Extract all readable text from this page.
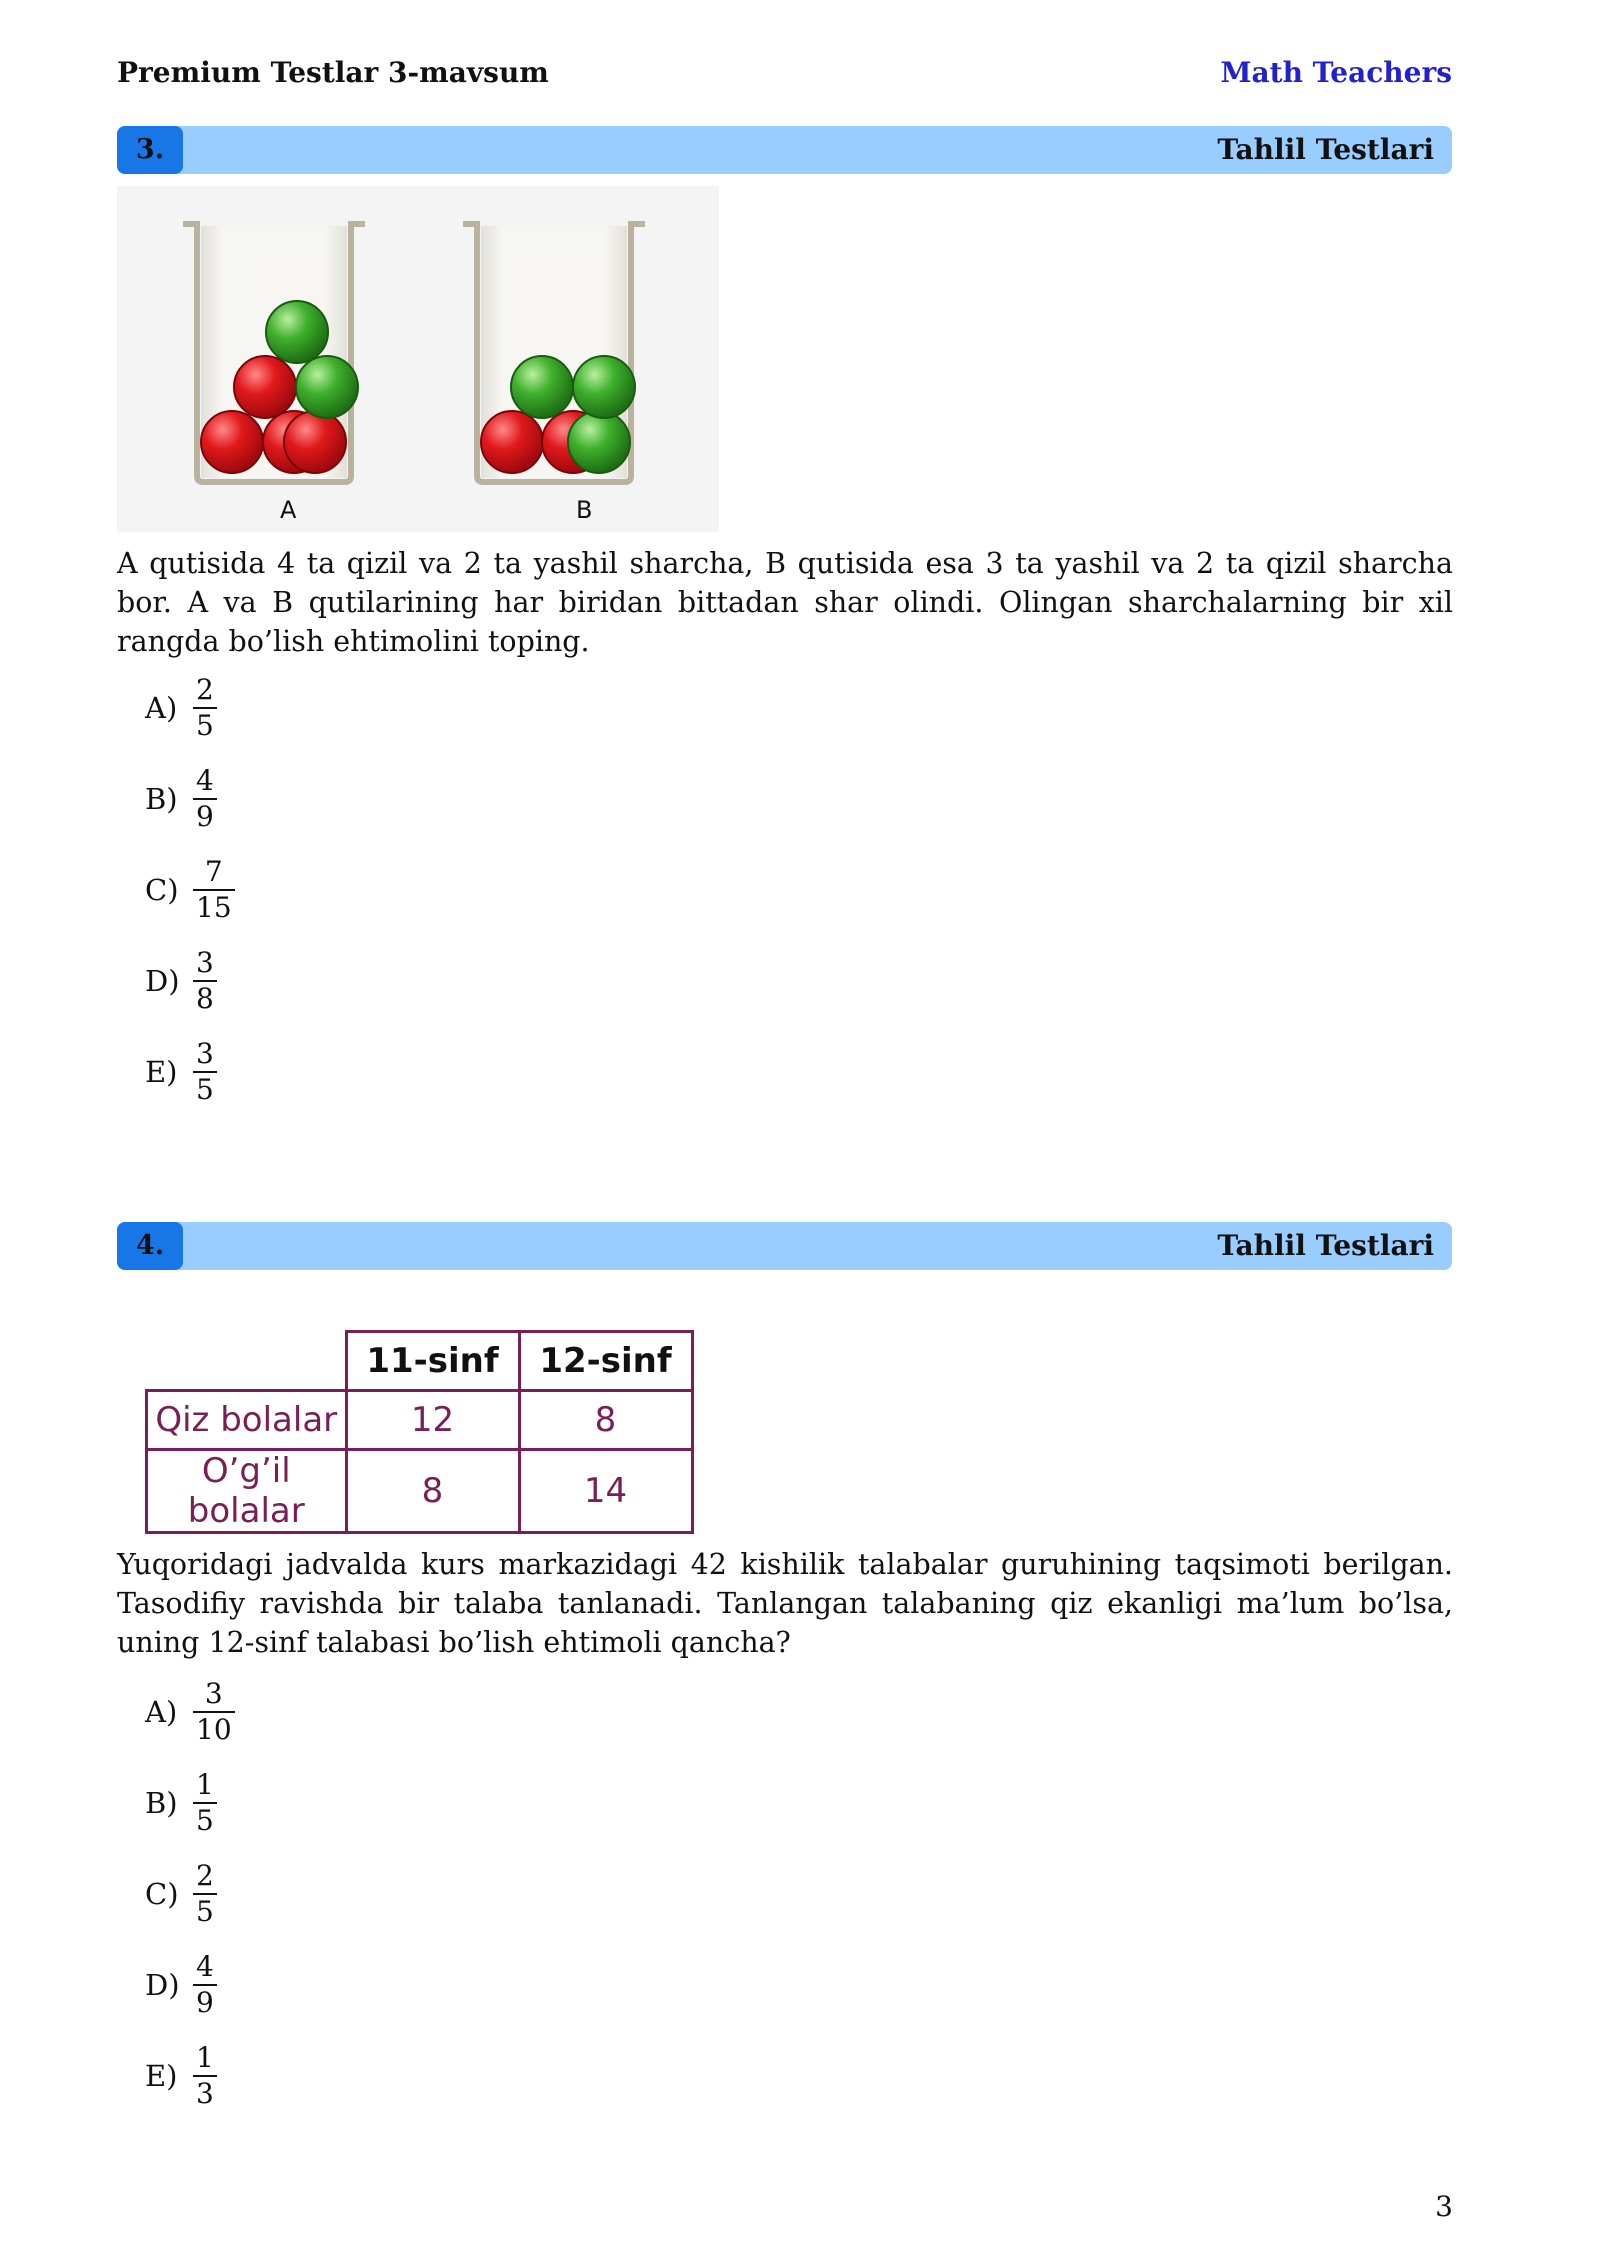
Premium Testlar 3-mavsum	Math Teachers
3.	Tahlil Testlari
A	B
A qutisida 4 ta qizil va 2 ta yashil sharcha, B qutisida esa 3 ta yashil va 2 ta qizil sharcha bor. A va B qutilarining har biridan bittadan shar olindi. Olingan sharchalarning bir xil rangda bo’lish ehtimolini toping.
$A) \frac{2}{5}$
$B) \frac{4}{9}$
$C) \frac{7}{15}$
$D) \frac{3}{8}$
$E) \frac{3}{5}$
4.	Tahlil Testlari
	11-sinf	12-sinf
Qiz bolalar	12	8
O’g’il bolalar	8	14
Yuqoridagi jadvalda kurs markazidagi 42 kishilik talabalar guruhining taqsimoti berilgan. Tasodifiy ravishda bir talaba tanlanadi. Tanlangan talabaning qiz ekanligi ma’lum bo’lsa, uning 12-sinf talabasi bo’lish ehtimoli qancha?
$A) \frac{3}{10}$
$B) \frac{1}{5}$
$C) \frac{2}{5}$
$D) \frac{4}{9}$
$E) \frac{1}{3}$
3
